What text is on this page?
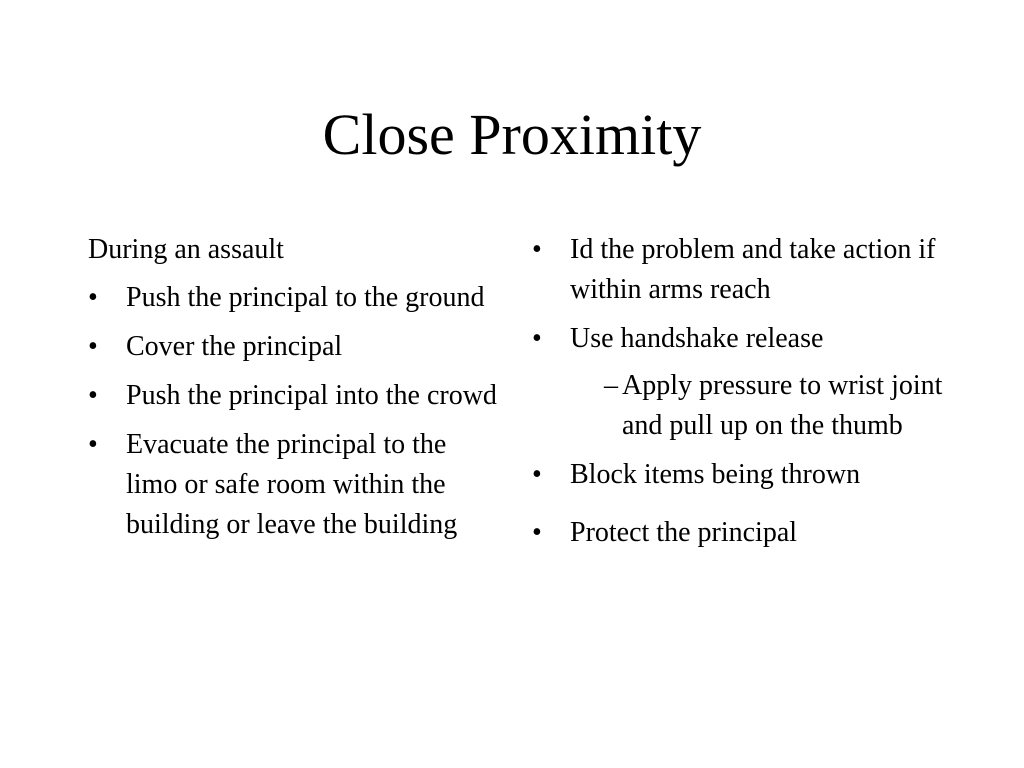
Close Proximity

During an assault

•	Push the principal to the ground
•	Cover the principal
•	Push the principal into the crowd
•	Evacuate the principal to the limo or safe room within the building or leave the building
•	Id the problem and take action if within arms reach
•	Use handshake release
– Apply pressure to wrist joint and pull up on the thumb
•	Block items being thrown
•	Protect the principal
